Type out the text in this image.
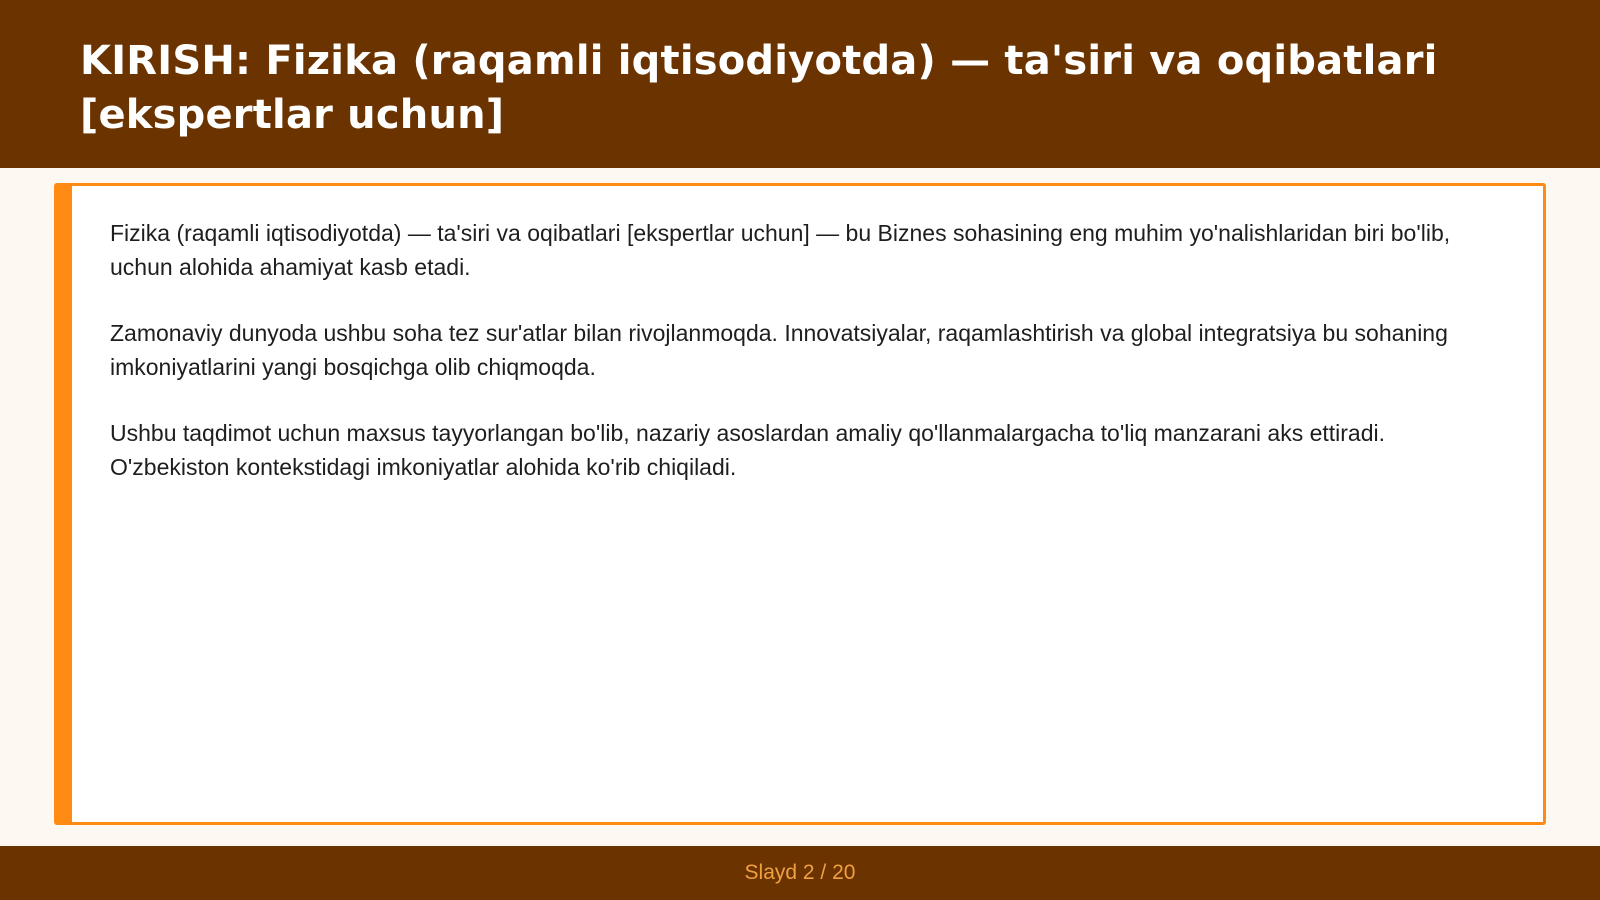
KIRISH: Fizika (raqamli iqtisodiyotda) — ta'siri va oqibatlari [ekspertlar uchun]

Fizika (raqamli iqtisodiyotda) — ta'siri va oqibatlari [ekspertlar uchun] — bu Biznes sohasining eng muhim yo'nalishlaridan biri bo'lib, uchun alohida ahamiyat kasb etadi.

Zamonaviy dunyoda ushbu soha tez sur'atlar bilan rivojlanmoqda. Innovatsiyalar, raqamlashtirish va global integratsiya bu sohaning imkoniyatlarini yangi bosqichga olib chiqmoqda.

Ushbu taqdimot uchun maxsus tayyorlangan bo'lib, nazariy asoslardan amaliy qo'llanmalargacha to'liq manzarani aks ettiradi. O'zbekiston kontekstidagi imkoniyatlar alohida ko'rib chiqiladi.

Slayd 2 / 20
